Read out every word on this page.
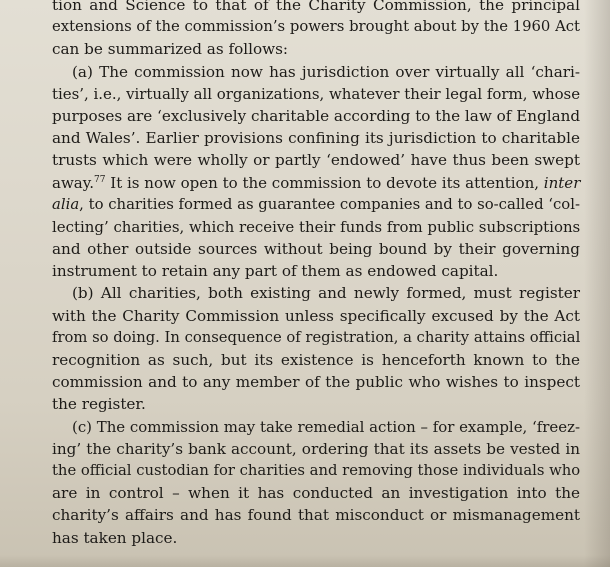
tion and Science to that of the Charity Commission, the principal
extensions of the commission’s powers brought about by the 1960 Act
can be summarized as follows:
(a) The commission now has jurisdiction over virtually all ‘chari-
ties’, i.e., virtually all organizations, whatever their legal form, whose
purposes are ‘exclusively charitable according to the law of England
and Wales’. Earlier provisions confining its jurisdiction to charitable
trusts which were wholly or partly ‘endowed’ have thus been swept
away.$^{77}$ It is now open to the commission to devote its attention, inter
alia, to charities formed as guarantee companies and to so-called ‘col-
lecting’ charities, which receive their funds from public subscriptions
and other outside sources without being bound by their governing
instrument to retain any part of them as endowed capital.
(b) All charities, both existing and newly formed, must register
with the Charity Commission unless specifically excused by the Act
from so doing. In consequence of registration, a charity attains official
recognition as such, but its existence is henceforth known to the
commission and to any member of the public who wishes to inspect
the register.
(c) The commission may take remedial action – for example, ‘freez-
ing’ the charity’s bank account, ordering that its assets be vested in
the official custodian for charities and removing those individuals who
are in control – when it has conducted an investigation into the
charity’s affairs and has found that misconduct or mismanagement
has taken place.
